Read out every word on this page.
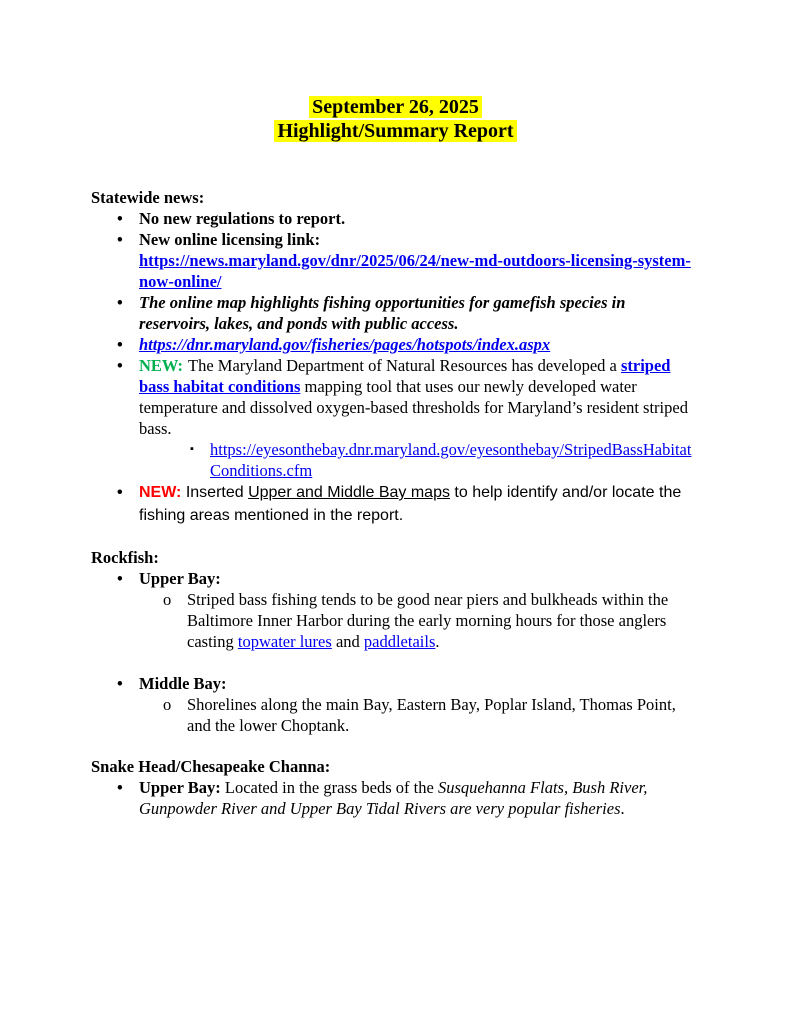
September 26, 2025
Highlight/Summary Report
Statewide news:
•
No new regulations to report.
•
New online licensing link:
https://news.maryland.gov/dnr/2025/06/24/new-md-outdoors-licensing-system-now-online/
•
The online map highlights fishing opportunities for gamefish species in reservoirs, lakes, and ponds with public access.
•
https://dnr.maryland.gov/fisheries/pages/hotspots/index.aspx
•
NEW: The Maryland Department of Natural Resources has developed a striped bass habitat conditions mapping tool that uses our newly developed water temperature and dissolved oxygen-based thresholds for Maryland’s resident striped bass.
▪
https://eyesonthebay.dnr.maryland.gov/eyesonthebay/StripedBassHabitatConditions.cfm
•
NEW: Inserted Upper and Middle Bay maps to help identify and/or locate the fishing areas mentioned in the report.
Rockfish:
•
Upper Bay:
o
Striped bass fishing tends to be good near piers and bulkheads within the Baltimore Inner Harbor during the early morning hours for those anglers casting topwater lures and paddletails.
•
Middle Bay:
o
Shorelines along the main Bay, Eastern Bay, Poplar Island, Thomas Point, and the lower Choptank.
Snake Head/Chesapeake Channa:
•
Upper Bay: Located in the grass beds of the Susquehanna Flats, Bush River, Gunpowder River and Upper Bay Tidal Rivers are very popular fisheries.
